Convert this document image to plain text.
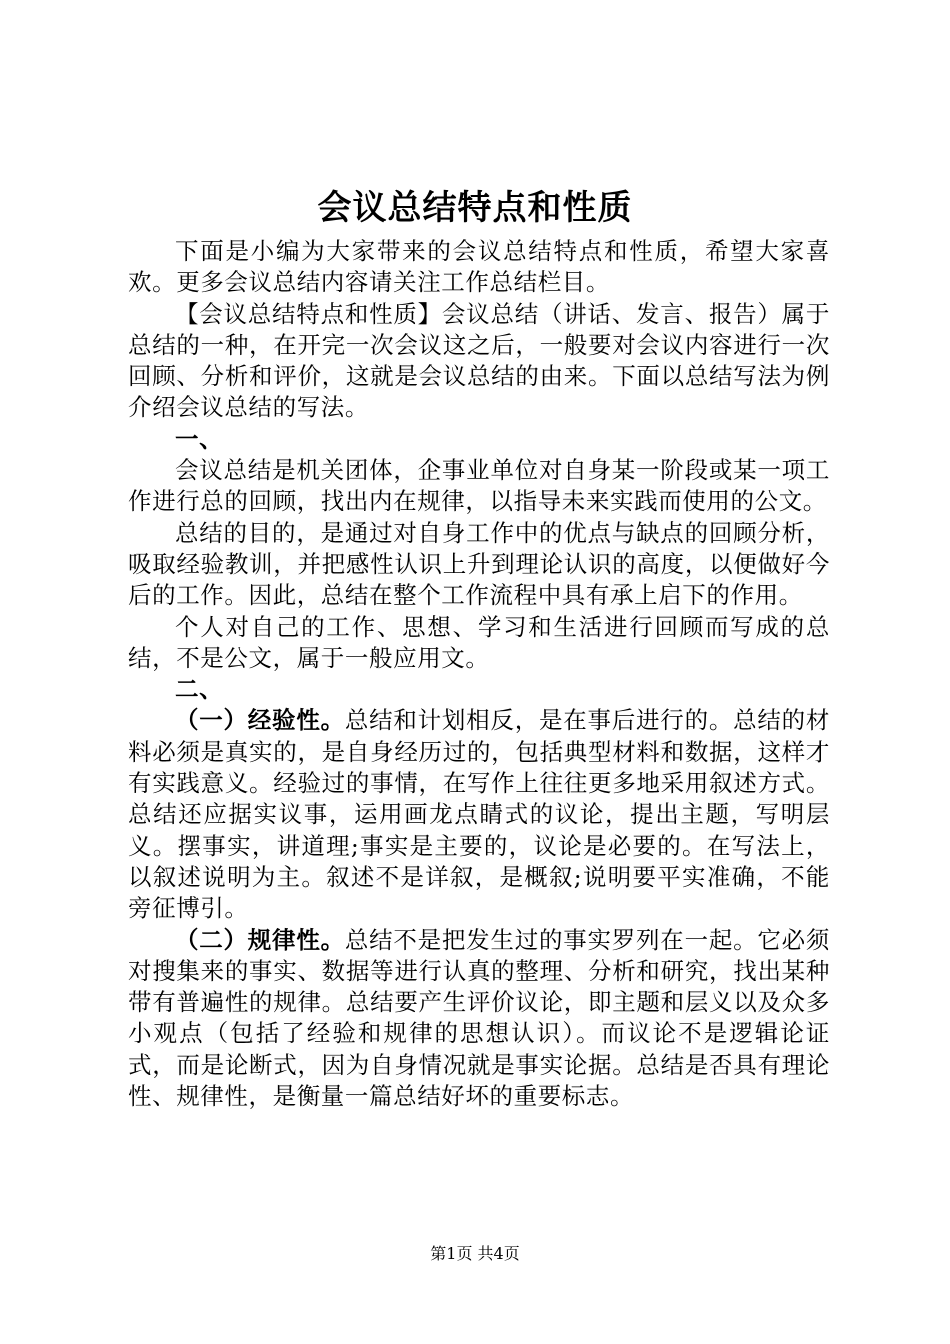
会议总结特点和性质

下面是小编为大家带来的会议总结特点和性质，希望大家喜欢。更多会议总结内容请关注工作总结栏目。

【会议总结特点和性质】会议总结（讲话、发言、报告）属于总结的一种，在开完一次会议这之后，一般要对会议内容进行一次回顾、分析和评价，这就是会议总结的由来。下面以总结写法为例介绍会议总结的写法。

一、

会议总结是机关团体，企事业单位对自身某一阶段或某一项工作进行总的回顾，找出内在规律，以指导未来实践而使用的公文。

总结的目的，是通过对自身工作中的优点与缺点的回顾分析，吸取经验教训，并把感性认识上升到理论认识的高度，以便做好今后的工作。因此，总结在整个工作流程中具有承上启下的作用。

个人对自己的工作、思想、学习和生活进行回顾而写成的总结，不是公文，属于一般应用文。

二、

（一）经验性。总结和计划相反，是在事后进行的。总结的材料必须是真实的，是自身经历过的，包括典型材料和数据，这样才有实践意义。经验过的事情，在写作上往往更多地采用叙述方式。总结还应据实议事，运用画龙点睛式的议论，提出主题，写明层义。摆事实，讲道理;事实是主要的，议论是必要的。在写法上，以叙述说明为主。叙述不是详叙，是概叙;说明要平实准确，不能旁征博引。

（二）规律性。总结不是把发生过的事实罗列在一起。它必须对搜集来的事实、数据等进行认真的整理、分析和研究，找出某种带有普遍性的规律。总结要产生评价议论，即主题和层义以及众多小观点（包括了经验和规律的思想认识）。而议论不是逻辑论证式，而是论断式，因为自身情况就是事实论据。总结是否具有理论性、规律性，是衡量一篇总结好坏的重要标志。

第1页 共4页
